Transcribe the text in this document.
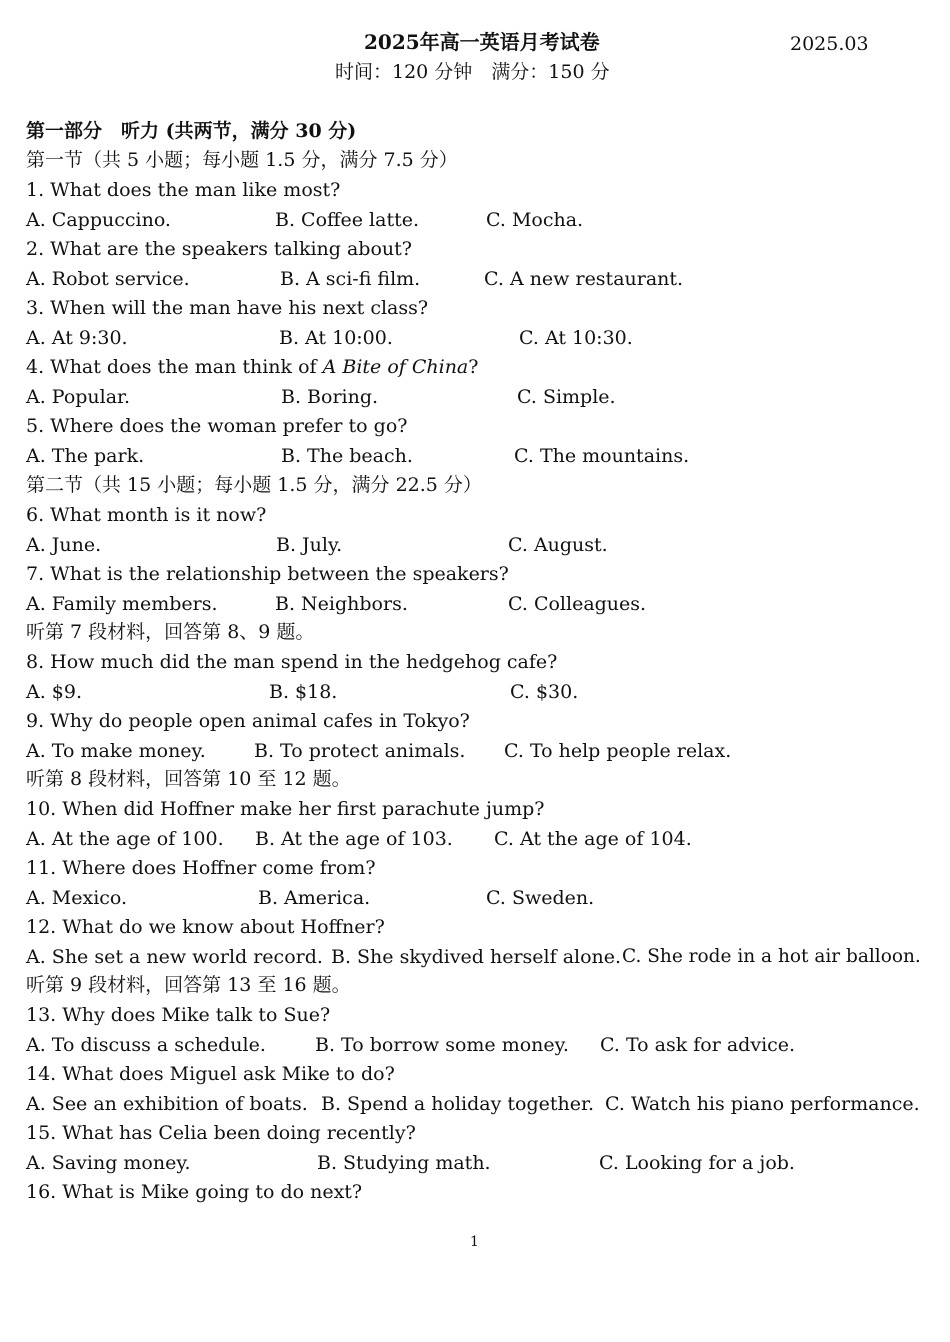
2025年高一英语月考试卷	2025.03
时间：120 分钟　满分：150 分
第一部分　听力 (共两节，满分 30 分)
第一节（共 5 小题；每小题 1.5 分，满分 7.5 分）
1. What does the man like most?
A. Cappuccino.	B. Coffee latte.	C. Mocha.
2. What are the speakers talking about?
A. Robot service.	B. A sci-fi film.	C. A new restaurant.
3. When will the man have his next class?
A. At 9:30.	B. At 10:00.	C. At 10:30.
4. What does the man think of A Bite of China?
A. Popular.	B. Boring.	C. Simple.
5. Where does the woman prefer to go?
A. The park.	B. The beach.	C. The mountains.
第二节（共 15 小题；每小题 1.5 分，满分 22.5 分）
6. What month is it now?
A. June.	B. July.	C. August.
7. What is the relationship between the speakers?
A. Family members.	B. Neighbors.	C. Colleagues.
听第 7 段材料，回答第 8、9 题。
8. How much did the man spend in the hedgehog cafe?
A. $9.	B. $18.	C. $30.
9. Why do people open animal cafes in Tokyo?
A. To make money.	B. To protect animals. C. To help people relax.
听第 8 段材料，回答第 10 至 12 题。
10. When did Hoffner make her first parachute jump?
A. At the age of 100. B. At the age of 103. C. At the age of 104.
11. Where does Hoffner come from?
A. Mexico.	B. America.	C. Sweden.
12. What do we know about Hoffner?
A. She set a new world record. B. She skydived herself alone. C. She rode in a hot air balloon.
听第 9 段材料，回答第 13 至 16 题。
13. Why does Mike talk to Sue?
A. To discuss a schedule.	B. To borrow some money. C. To ask for advice.
14. What does Miguel ask Mike to do?
A. See an exhibition of boats. B. Spend a holiday together. C. Watch his piano performance.
15. What has Celia been doing recently?
A. Saving money.	B. Studying math.	C. Looking for a job.
16. What is Mike going to do next?
1
